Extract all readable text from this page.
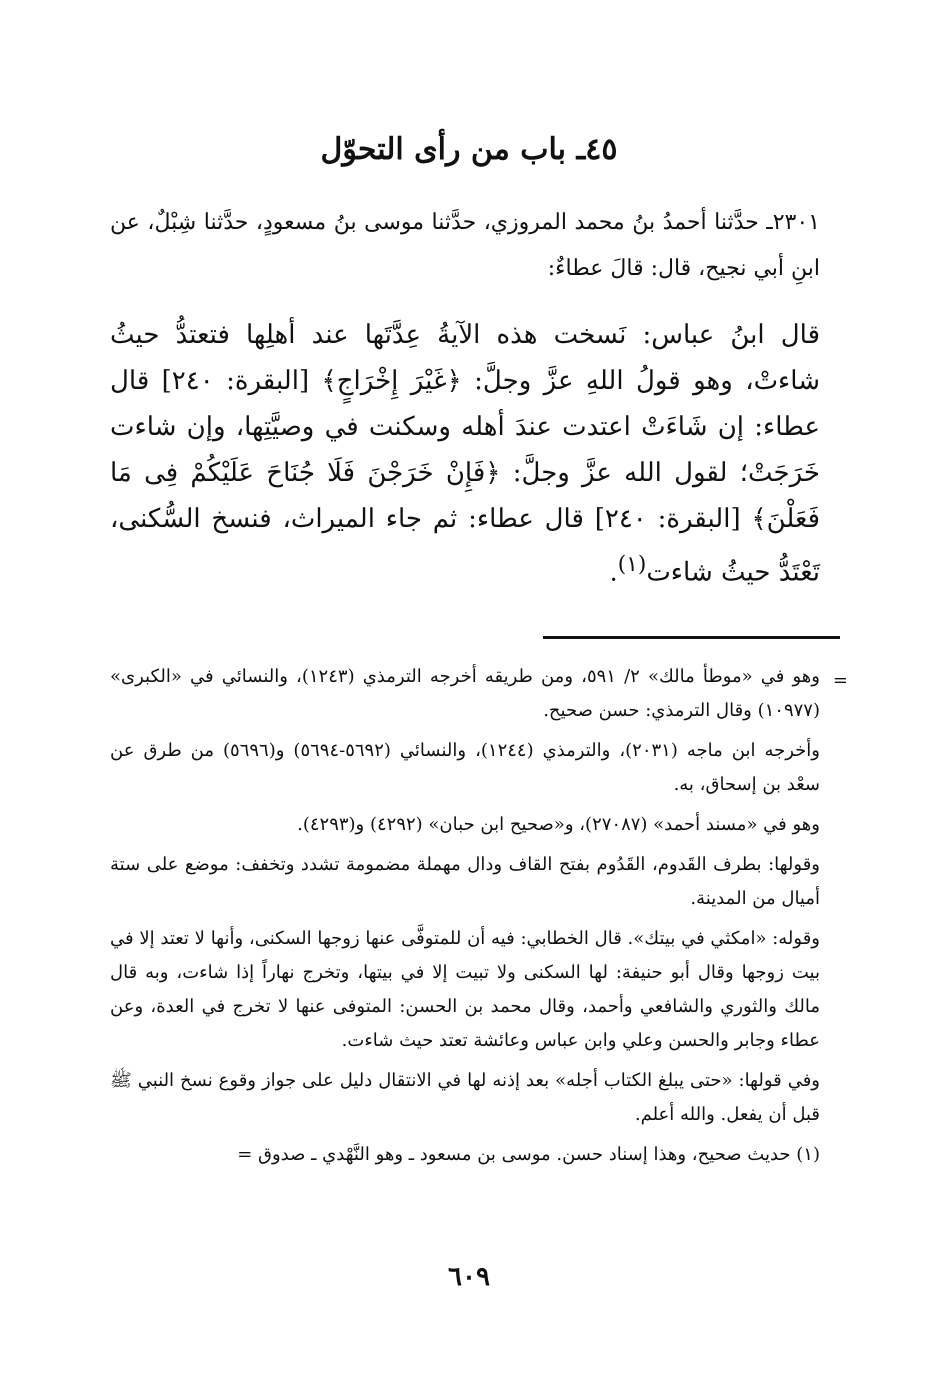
٤٥ـ باب من رأى التحوّل
٢٣٠١ـ حدَّثنا أحمدُ بنُ محمد المروزي، حدَّثنا موسى بنُ مسعودٍ، حدَّثنا شِبْلٌ، عن ابنِ أبي نجيح، قال: قالَ عطاءٌ:
قال ابنُ عباس: نَسخت هذه الآيةُ عِدَّتَها عند أهلِها فتعتدُّ حيثُ شاءتْ، وهو قولُ اللهِ عزَّ وجلَّ: ﴿غَيْرَ إِخْرَاجٍ﴾ [البقرة: ٢٤٠] قال عطاء: إن شَاءَتْ اعتدت عندَ أهله وسكنت في وصيَّتِها، وإن شاءت خَرَجَتْ؛ لقول الله عزَّ وجلَّ: ﴿فَإِنْ خَرَجْنَ فَلَا جُنَاحَ عَلَيْكُمْ فِى مَا فَعَلْنَ﴾ [البقرة: ٢٤٠] قال عطاء: ثم جاء الميراث، فنسخ السُّكنى، تَعْتَدُّ حيثُ شاءت$^{(١)}$.
=

وهو في «موطأ مالك» ٢/ ٥٩١، ومن طريقه أخرجه الترمذي (١٢٤٣)، والنسائي في «الكبرى» (١٠٩٧٧) وقال الترمذي: حسن صحيح.

وأخرجه ابن ماجه (٢٠٣١)، والترمذي (١٢٤٤)، والنسائي (٥٦٩٢-٥٦٩٤) و(٥٦٩٦) من طرق عن سعْد بن إسحاق، به.

وهو في «مسند أحمد» (٢٧٠٨٧)، و«صحيح ابن حبان» (٤٢٩٢) و(٤٢٩٣).

وقولها: بطرف القَدوم، القَدُوم بفتح القاف ودال مهملة مضمومة تشدد وتخفف: موضع على ستة أميال من المدينة.

وقوله: «امكثي في بيتك». قال الخطابي: فيه أن للمتوفَّى عنها زوجها السكنى، وأنها لا تعتد إلا في بيت زوجها وقال أبو حنيفة: لها السكنى ولا تبيت إلا في بيتها، وتخرج نهاراً إذا شاءت، وبه قال مالك والثوري والشافعي وأحمد، وقال محمد بن الحسن: المتوفى عنها لا تخرج في العدة، وعن عطاء وجابر والحسن وعلي وابن عباس وعائشة تعتد حيث شاءت.

وفي قولها: «حتى يبلغ الكتاب أجله» بعد إذنه لها في الانتقال دليل على جواز وقوع نسخ النبي ﷺ قبل أن يفعل. والله أعلم.

(١) حديث صحيح، وهذا إسناد حسن. موسى بن مسعود ـ وهو النَّهْدي ـ صدوق =

٦٠٩
